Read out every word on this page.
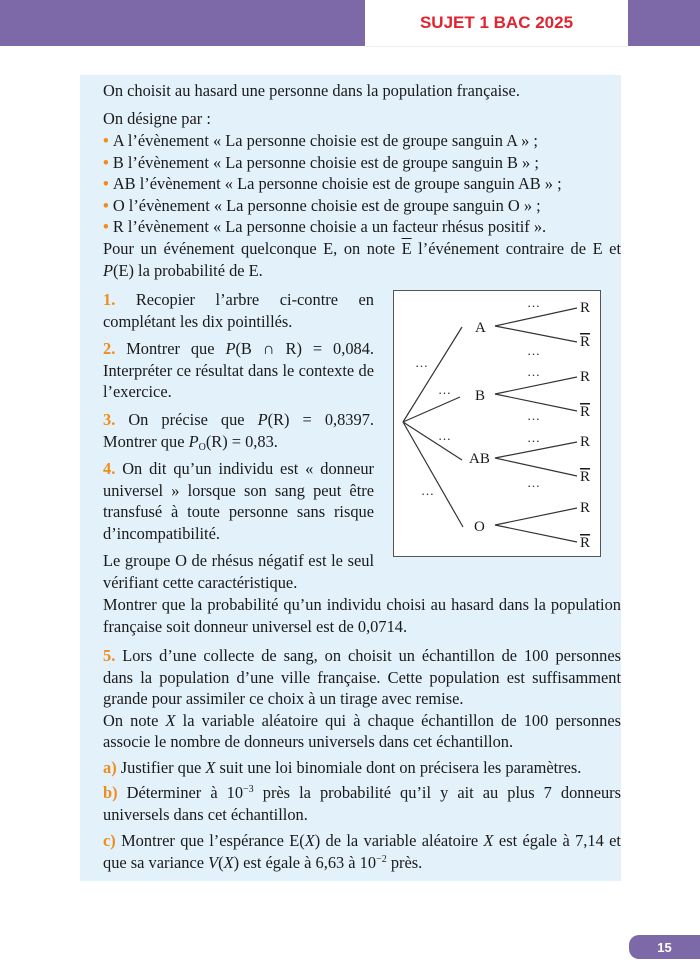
SUJET 1 BAC 2025
On choisit au hasard une personne dans la population française.
On désigne par :
• A l’évènement « La personne choisie est de groupe sanguin A » ;
• B l’évènement « La personne choisie est de groupe sanguin B » ;
• AB l’évènement « La personne choisie est de groupe sanguin AB » ;
• O l’évènement « La personne choisie est de groupe sanguin O » ;
• R l’évènement « La personne choisie a un facteur rhésus positif ».
Pour un événement quelconque E, on note $\overline{E}$ l’événement contraire de E et P(E) la probabilité de E.
1. Recopier l’arbre ci-contre en complétant les dix pointillés.
2. Montrer que P(B ∩ R) = 0,084. Interpréter ce résultat dans le contexte de l’exercice.
3. On précise que P(R) = 0,8397. Montrer que $P_O(R) = 0,83$.
4. On dit qu’un individu est « donneur universel » lorsque son sang peut être transfusé à toute personne sans risque d’incompatibilité.
Le groupe O de rhésus négatif est le seul vérifiant cette caractéristique.
Montrer que la probabilité qu’un individu choisi au hasard dans la population française soit donneur universel est de 0,0714.
5. Lors d’une collecte de sang, on choisit un échantillon de 100 personnes dans la population d’une ville française. Cette population est suffisamment grande pour assimiler ce choix à un tirage avec remise.
On note X la variable aléatoire qui à chaque échantillon de 100 personnes associe le nombre de donneurs universels dans cet échantillon.
a) Justifier que X suit une loi binomiale dont on précisera les paramètres.
b) Déterminer à $10^{-3}$ près la probabilité qu’il y ait au plus 7 donneurs universels dans cet échantillon.
c) Montrer que l’espérance E(X) de la variable aléatoire X est égale à 7,14 et que sa variance V(X) est égale à 6,63 à $10^{-2}$ près.
A
B
AB
O
R
R
R
R
R
R
R
R
…
…
…
…
…
…
…
…
…
…
15
